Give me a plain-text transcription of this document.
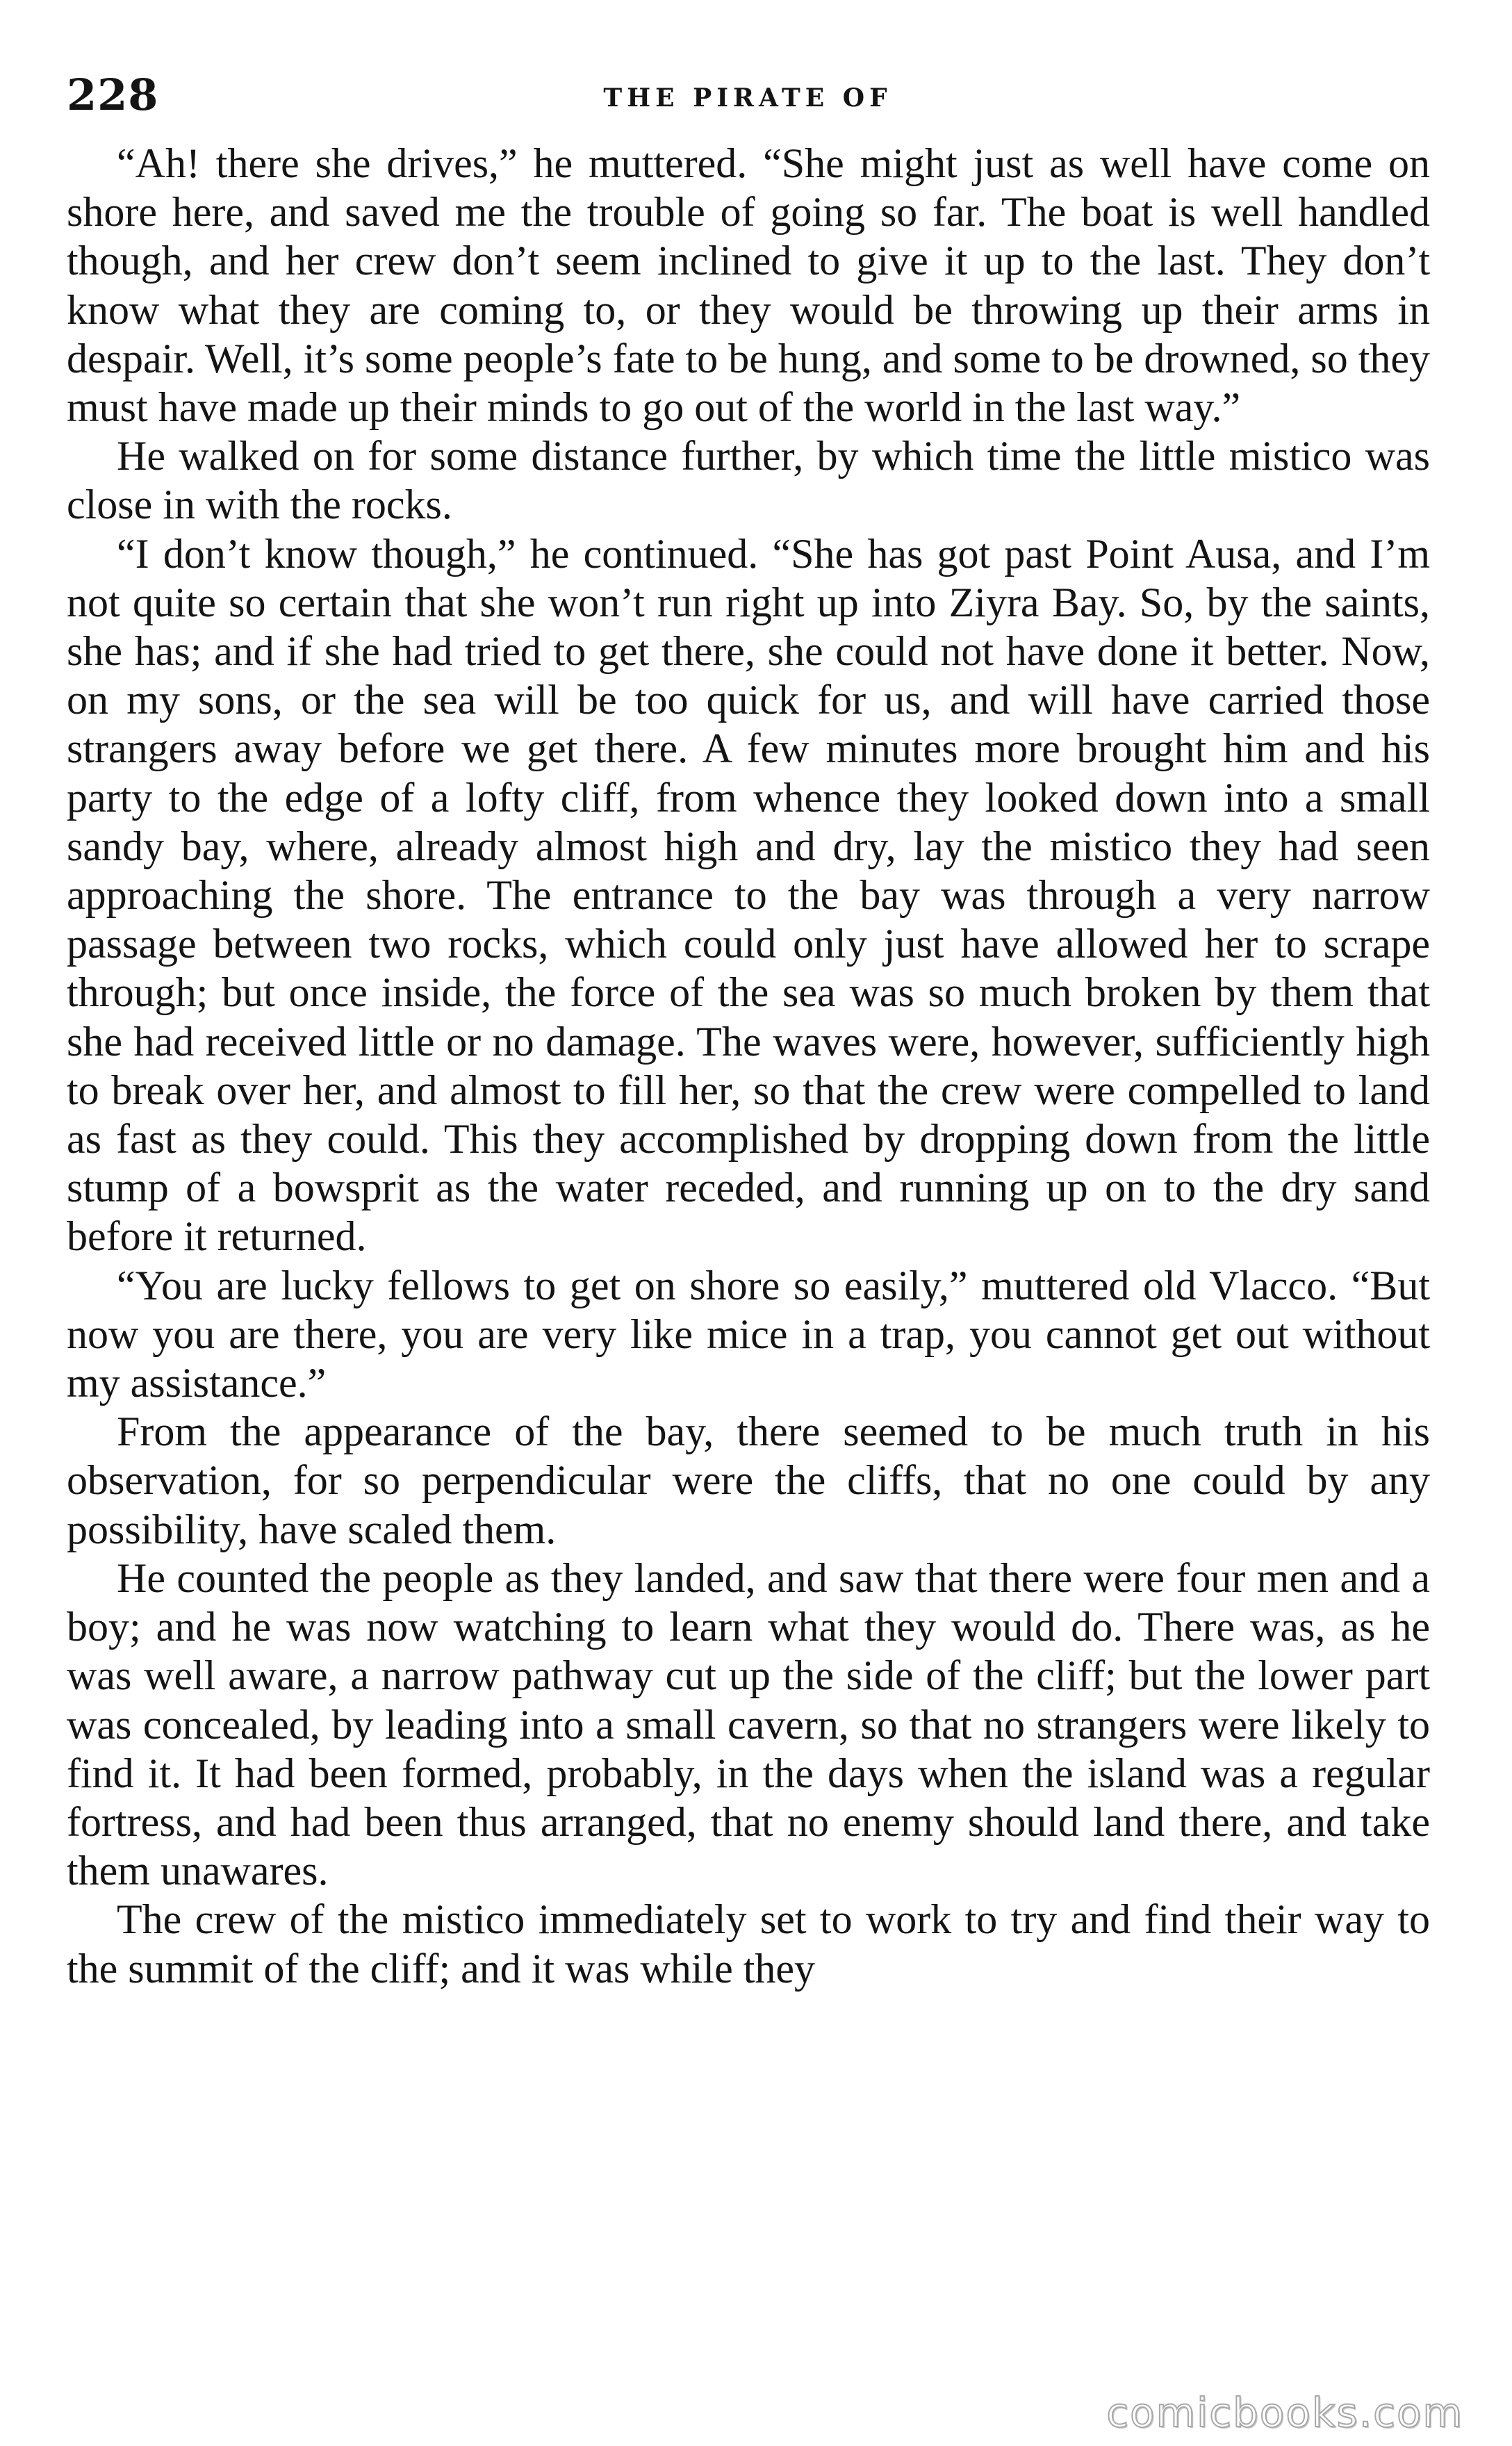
228	THE PIRATE OF

“Ah! there she drives,” he muttered. “She might just as well have come on shore here, and saved me the trouble of going so far. The boat is well handled though, and her crew don’t seem inclined to give it up to the last. They don’t know what they are coming to, or they would be throwing up their arms in despair. Well, it’s some people’s fate to be hung, and some to be drowned, so they must have made up their minds to go out of the world in the last way.”

He walked on for some distance further, by which time the little mistico was close in with the rocks.

“I don’t know though,” he continued. “She has got past Point Ausa, and I’m not quite so certain that she won’t run right up into Ziyra Bay. So, by the saints, she has; and if she had tried to get there, she could not have done it better. Now, on my sons, or the sea will be too quick for us, and will have carried those strangers away before we get there. A few minutes more brought him and his party to the edge of a lofty cliff, from whence they looked down into a small sandy bay, where, already almost high and dry, lay the mistico they had seen approaching the shore. The entrance to the bay was through a very narrow passage between two rocks, which could only just have allowed her to scrape through; but once inside, the force of the sea was so much broken by them that she had received little or no damage. The waves were, however, sufficiently high to break over her, and almost to fill her, so that the crew were compelled to land as fast as they could. This they accomplished by dropping down from the little stump of a bowsprit as the water receded, and running up on to the dry sand before it returned.

“You are lucky fellows to get on shore so easily,” muttered old Vlacco. “But now you are there, you are very like mice in a trap, you cannot get out without my assistance.”

From the appearance of the bay, there seemed to be much truth in his observation, for so perpendicular were the cliffs, that no one could by any possibility, have scaled them.

He counted the people as they landed, and saw that there were four men and a boy; and he was now watching to learn what they would do. There was, as he was well aware, a narrow pathway cut up the side of the cliff; but the lower part was concealed, by leading into a small cavern, so that no strangers were likely to find it. It had been formed, probably, in the days when the island was a regular fortress, and had been thus arranged, that no enemy should land there, and take them unawares.

The crew of the mistico immediately set to work to try and find their way to the summit of the cliff; and it was while they

comicbooks.com
